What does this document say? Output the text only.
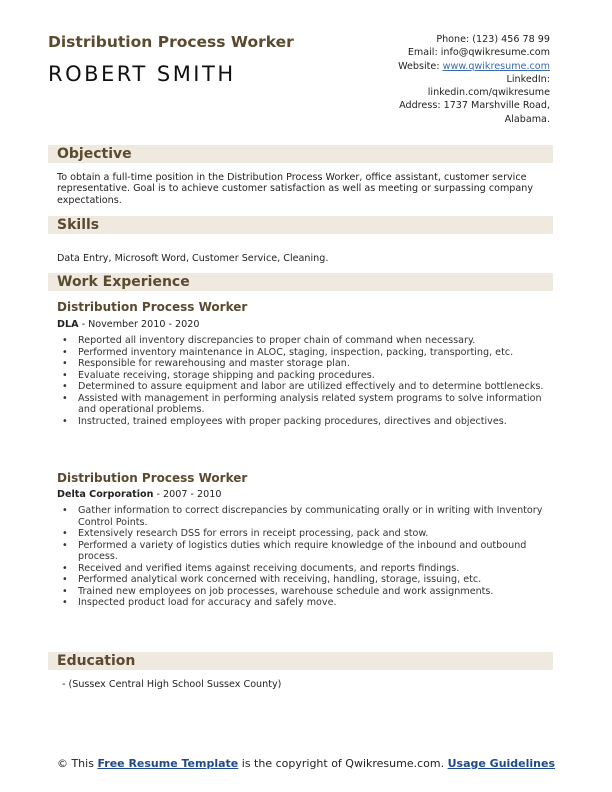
Distribution Process Worker
ROBERT SMITH
Phone: (123) 456 78 99
Email: info@qwikresume.com
Website: www.qwikresume.com
LinkedIn:
linkedin.com/qwikresume
Address: 1737 Marshville Road,
Alabama.
Objective
To obtain a full-time position in the Distribution Process Worker, office assistant, customer service representative. Goal is to achieve customer satisfaction as well as meeting or surpassing company expectations.
Skills
Data Entry, Microsoft Word, Customer Service, Cleaning.
Work Experience
Distribution Process Worker
DLA - November 2010 - 2020
• Reported all inventory discrepancies to proper chain of command when necessary.
• Performed inventory maintenance in ALOC, staging, inspection, packing, transporting, etc.
• Responsible for rewarehousing and master storage plan.
• Evaluate receiving, storage shipping and packing procedures.
• Determined to assure equipment and labor are utilized effectively and to determine bottlenecks.
• Assisted with management in performing analysis related system programs to solve information and operational problems.
• Instructed, trained employees with proper packing procedures, directives and objectives.
Distribution Process Worker
Delta Corporation - 2007 - 2010
• Gather information to correct discrepancies by communicating orally or in writing with Inventory Control Points.
• Extensively research DSS for errors in receipt processing, pack and stow.
• Performed a variety of logistics duties which require knowledge of the inbound and outbound process.
• Received and verified items against receiving documents, and reports findings.
• Performed analytical work concerned with receiving, handling, storage, issuing, etc.
• Trained new employees on job processes, warehouse schedule and work assignments.
• Inspected product load for accuracy and safely move.
Education
- (Sussex Central High School Sussex County)
© This Free Resume Template is the copyright of Qwikresume.com. Usage Guidelines
